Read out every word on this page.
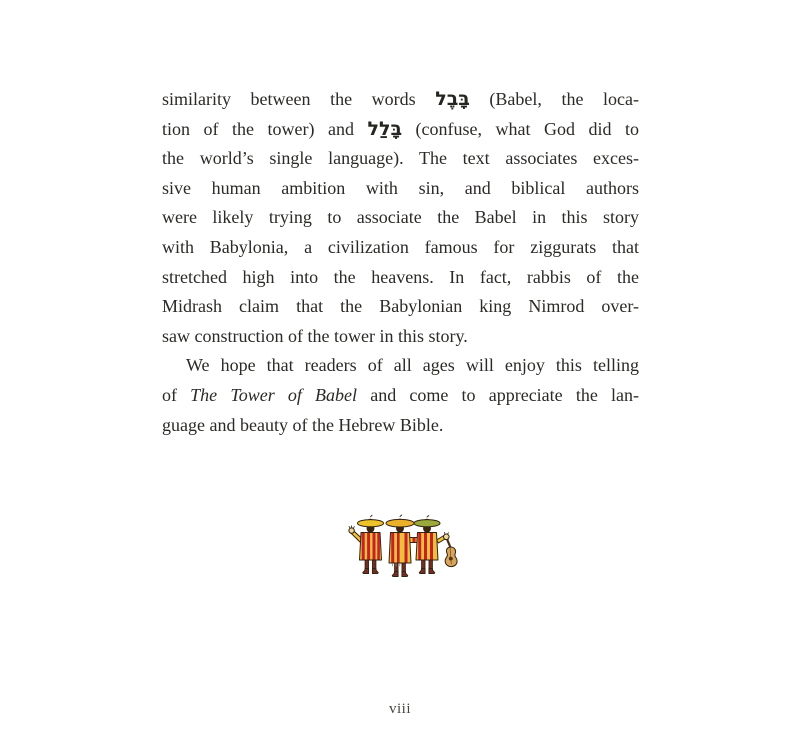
similarity between the words בָּבֶל (Babel, the loca-
tion of the tower) and בָּלַל (confuse, what God did to
the world’s single language). The text associates exces-
sive human ambition with sin, and biblical authors
were likely trying to associate the Babel in this story
with Babylonia, a civilization famous for ziggurats that
stretched high into the heavens. In fact, rabbis of the
Midrash claim that the Babylonian king Nimrod over-
saw construction of the tower in this story.
We hope that readers of all ages will enjoy this telling
of The Tower of Babel and come to appreciate the lan-
guage and beauty of the Hebrew Bible.
viii
